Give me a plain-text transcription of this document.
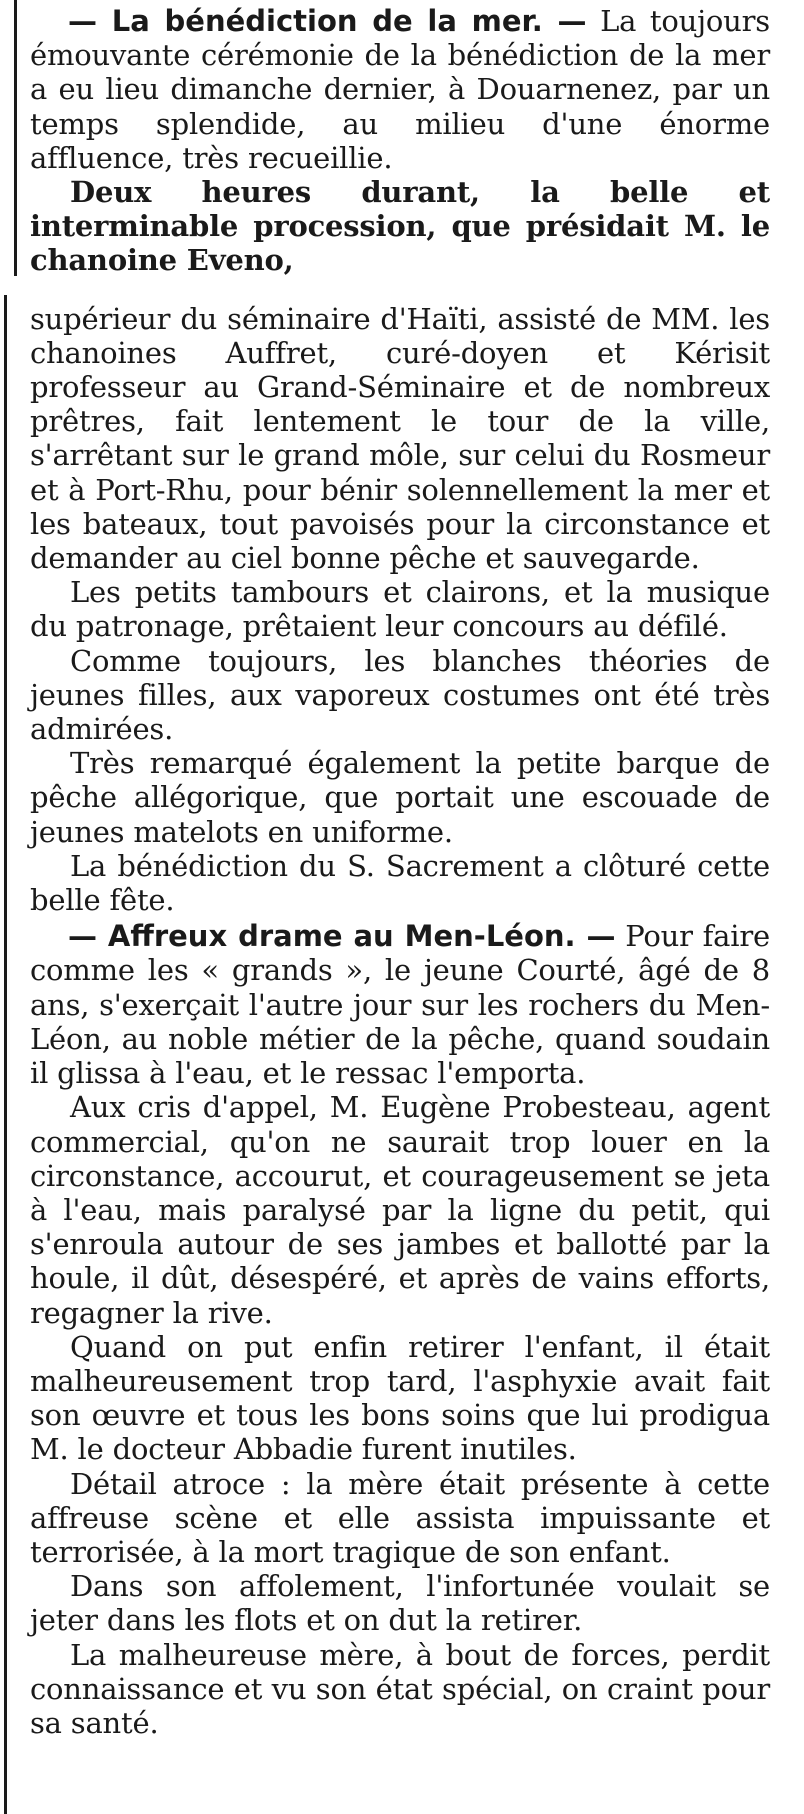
— La bénédiction de la mer. — La toujours émouvante cérémonie de la bénédiction de la mer a eu lieu dimanche dernier, à Douarnenez, par un temps splendide, au milieu d'une énorme affluence, très recueillie.

Deux heures durant, la belle et interminable procession, que présidait M. le chanoine Eveno,

supérieur du séminaire d'Haïti, assisté de MM. les chanoines Auffret, curé-doyen et Kérisit professeur au Grand-Séminaire et de nombreux prêtres, fait lentement le tour de la ville, s'arrêtant sur le grand môle, sur celui du Rosmeur et à Port-Rhu, pour bénir solennellement la mer et les bateaux, tout pavoisés pour la circonstance et demander au ciel bonne pêche et sauvegarde.

Les petits tambours et clairons, et la musique du patronage, prêtaient leur concours au défilé.

Comme toujours, les blanches théories de jeunes filles, aux vaporeux costumes ont été très admirées.

Très remarqué également la petite barque de pêche allégorique, que portait une escouade de jeunes matelots en uniforme.

La bénédiction du S. Sacrement a clôturé cette belle fête.

— Affreux drame au Men-Léon. — Pour faire comme les « grands », le jeune Courté, âgé de 8 ans, s'exerçait l'autre jour sur les rochers du Men-Léon, au noble métier de la pêche, quand soudain il glissa à l'eau, et le ressac l'emporta.

Aux cris d'appel, M. Eugène Probesteau, agent commercial, qu'on ne saurait trop louer en la circonstance, accourut, et courageusement se jeta à l'eau, mais paralysé par la ligne du petit, qui s'enroula autour de ses jambes et ballotté par la houle, il dût, désespéré, et après de vains efforts, regagner la rive.

Quand on put enfin retirer l'enfant, il était malheureusement trop tard, l'asphyxie avait fait son œuvre et tous les bons soins que lui prodigua M. le docteur Abbadie furent inutiles.

Détail atroce : la mère était présente à cette affreuse scène et elle assista impuissante et terrorisée, à la mort tragique de son enfant.

Dans son affolement, l'infortunée voulait se jeter dans les flots et on dut la retirer.

La malheureuse mère, à bout de forces, perdit connaissance et vu son état spécial, on craint pour sa santé.
